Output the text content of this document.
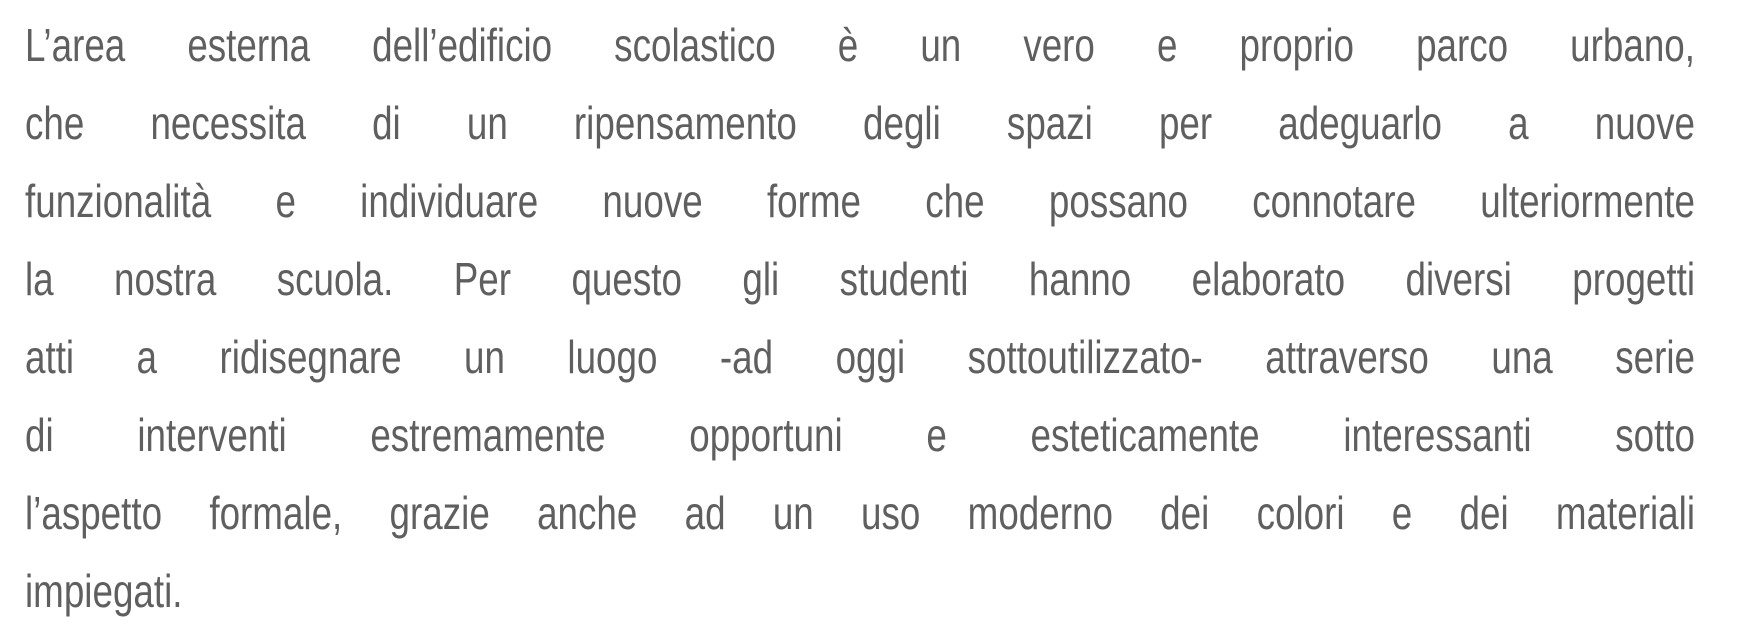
L’area esterna dell’edificio scolastico è un vero e proprio parco urbano,
che necessita di un ripensamento degli spazi per adeguarlo a nuove
funzionalità e individuare nuove forme che possano connotare ulteriormente
la nostra scuola. Per questo gli studenti hanno elaborato diversi progetti
atti a ridisegnare un luogo -ad oggi sottoutilizzato- attraverso una serie
di interventi estremamente opportuni e esteticamente interessanti sotto
l’aspetto formale, grazie anche ad un uso moderno dei colori e dei materiali
impiegati.
